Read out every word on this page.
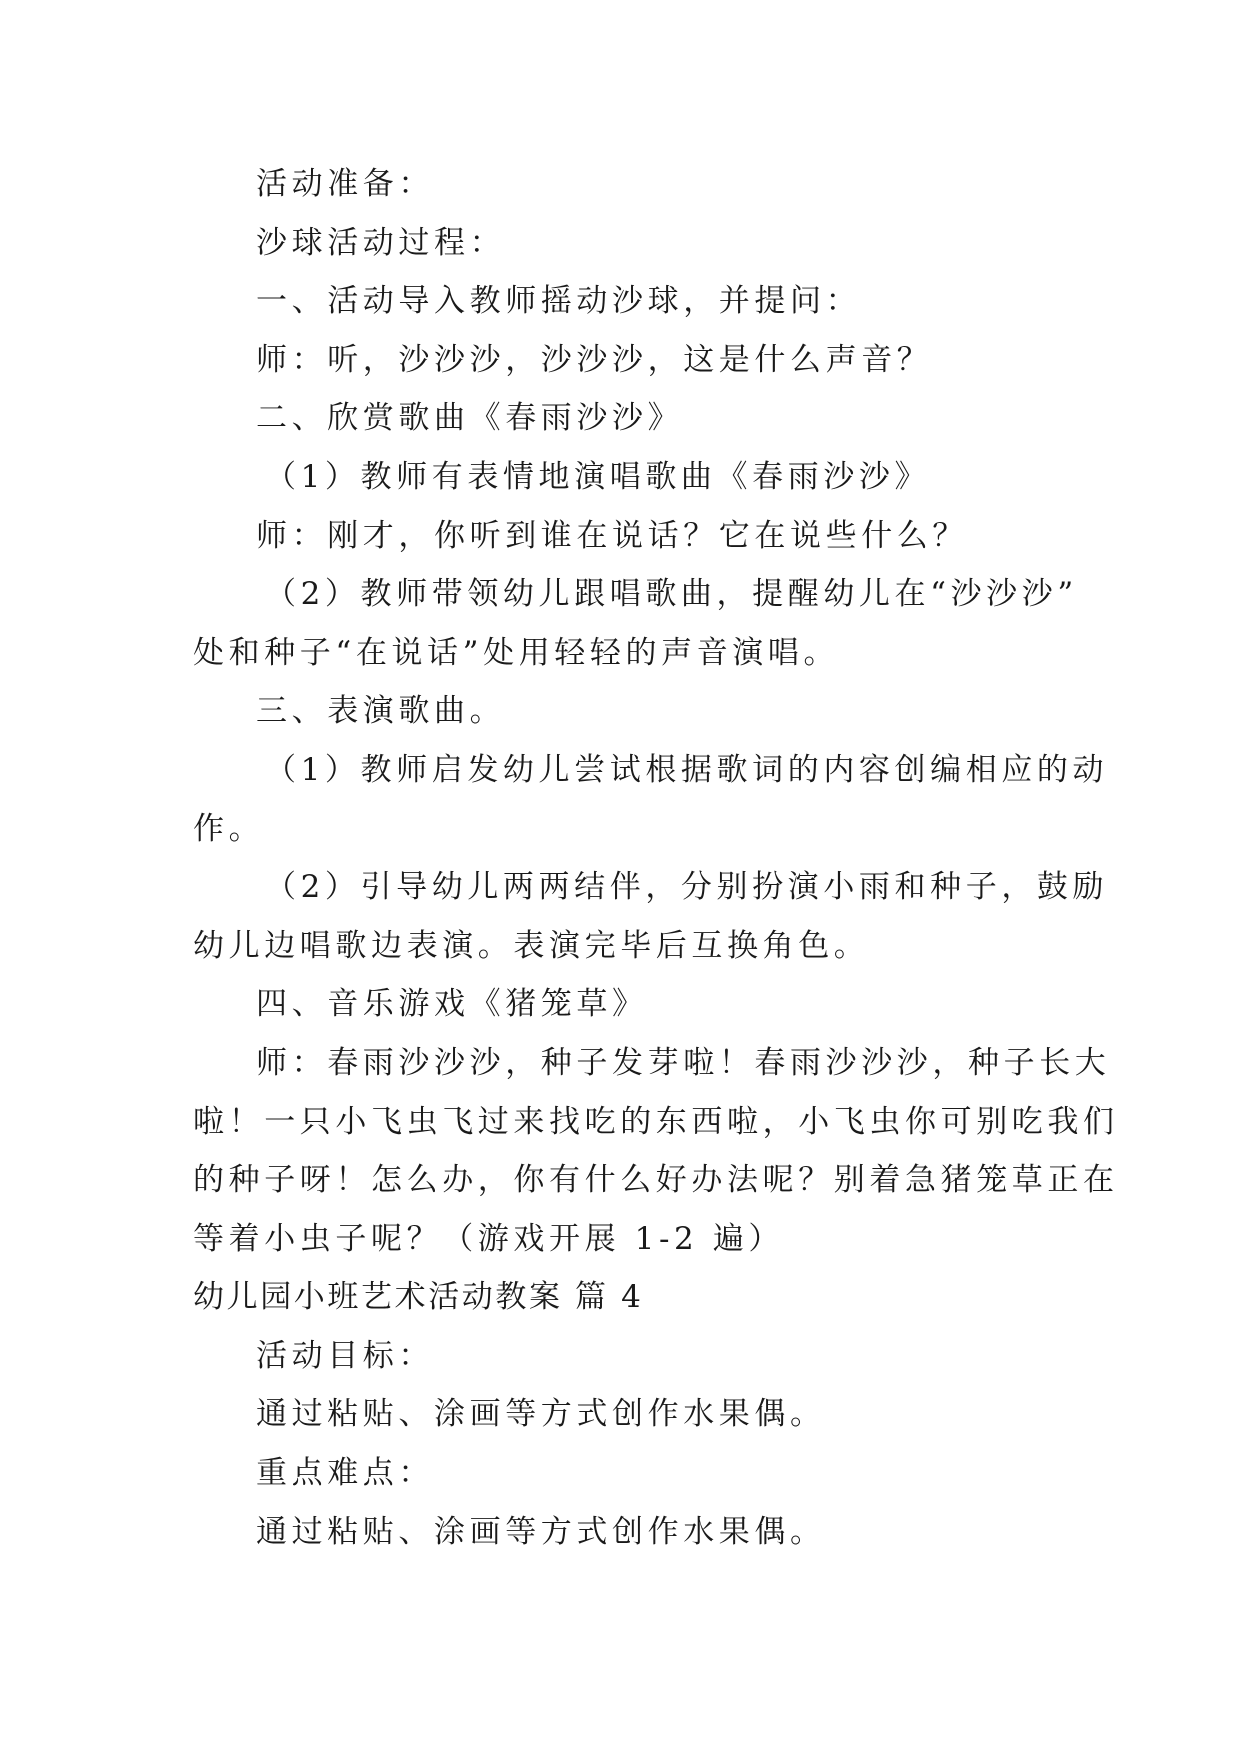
活动准备：
沙球活动过程：
一、活动导入教师摇动沙球，并提问：
师：听，沙沙沙，沙沙沙，这是什么声音？
二、欣赏歌曲《春雨沙沙》
（1）教师有表情地演唱歌曲《春雨沙沙》
师：刚才，你听到谁在说话？它在说些什么？
（2）教师带领幼儿跟唱歌曲，提醒幼儿在“沙沙沙”
处和种子“在说话”处用轻轻的声音演唱。
三、表演歌曲。
（1）教师启发幼儿尝试根据歌词的内容创编相应的动
作。
（2）引导幼儿两两结伴，分别扮演小雨和种子，鼓励
幼儿边唱歌边表演。表演完毕后互换角色。
四、音乐游戏《猪笼草》
师：春雨沙沙沙，种子发芽啦！春雨沙沙沙，种子长大
啦！一只小飞虫飞过来找吃的东西啦，小飞虫你可别吃我们
的种子呀！怎么办，你有什么好办法呢？别着急猪笼草正在
等着小虫子呢？（游戏开展 1-2 遍）
幼儿园小班艺术活动教案 篇 4
活动目标：
通过粘贴、涂画等方式创作水果偶。
重点难点：
通过粘贴、涂画等方式创作水果偶。
